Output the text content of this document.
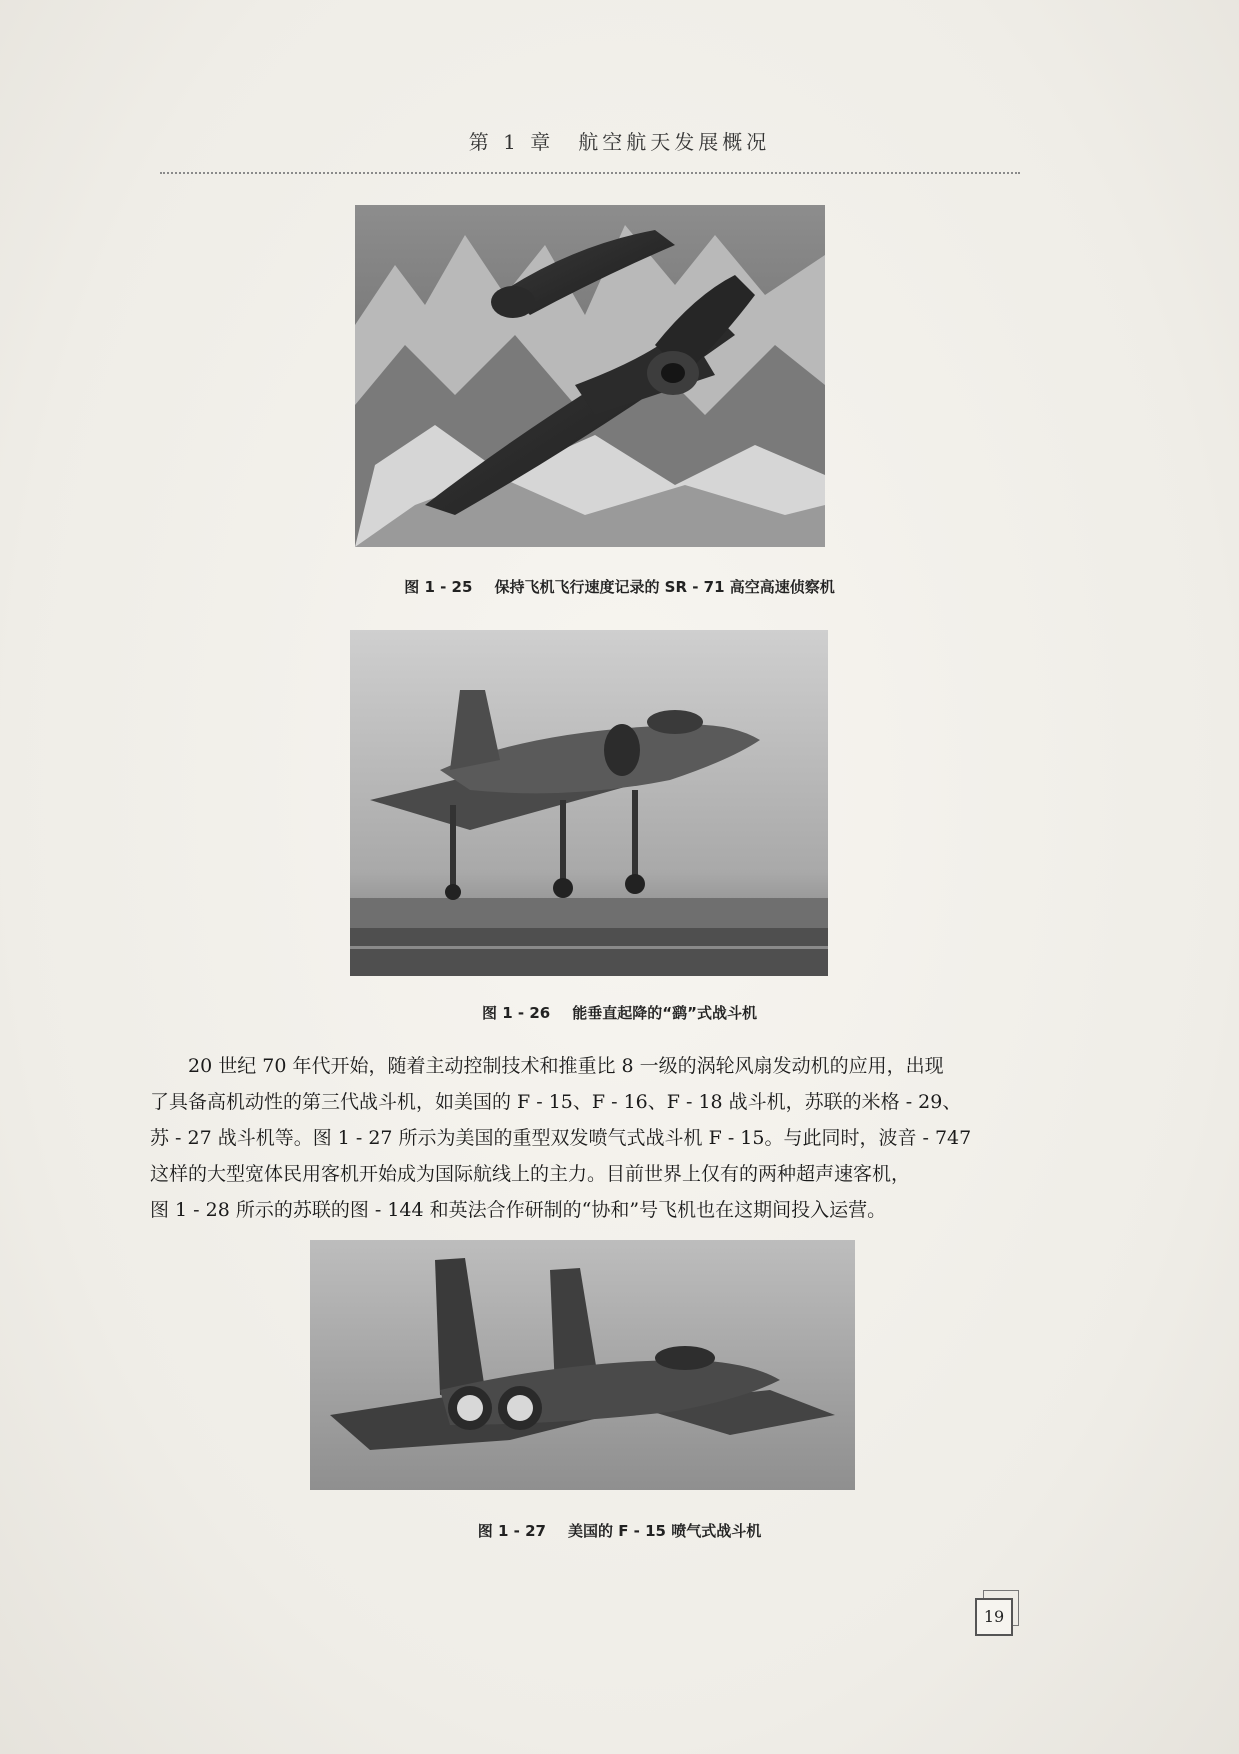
第 1 章　航空航天发展概况
图 1 - 25 保持飞机飞行速度记录的 SR - 71 高空高速侦察机
图 1 - 26 能垂直起降的“鹞”式战斗机
20 世纪 70 年代开始，随着主动控制技术和推重比 8 一级的涡轮风扇发动机的应用，出现
了具备高机动性的第三代战斗机，如美国的 F - 15、F - 16、F - 18 战斗机，苏联的米格 - 29、
苏 - 27 战斗机等。图 1 - 27 所示为美国的重型双发喷气式战斗机 F - 15。与此同时，波音 - 747
这样的大型宽体民用客机开始成为国际航线上的主力。目前世界上仅有的两种超声速客机，
图 1 - 28 所示的苏联的图 - 144 和英法合作研制的“协和”号飞机也在这期间投入运营。
图 1 - 27 美国的 F - 15 喷气式战斗机
19
